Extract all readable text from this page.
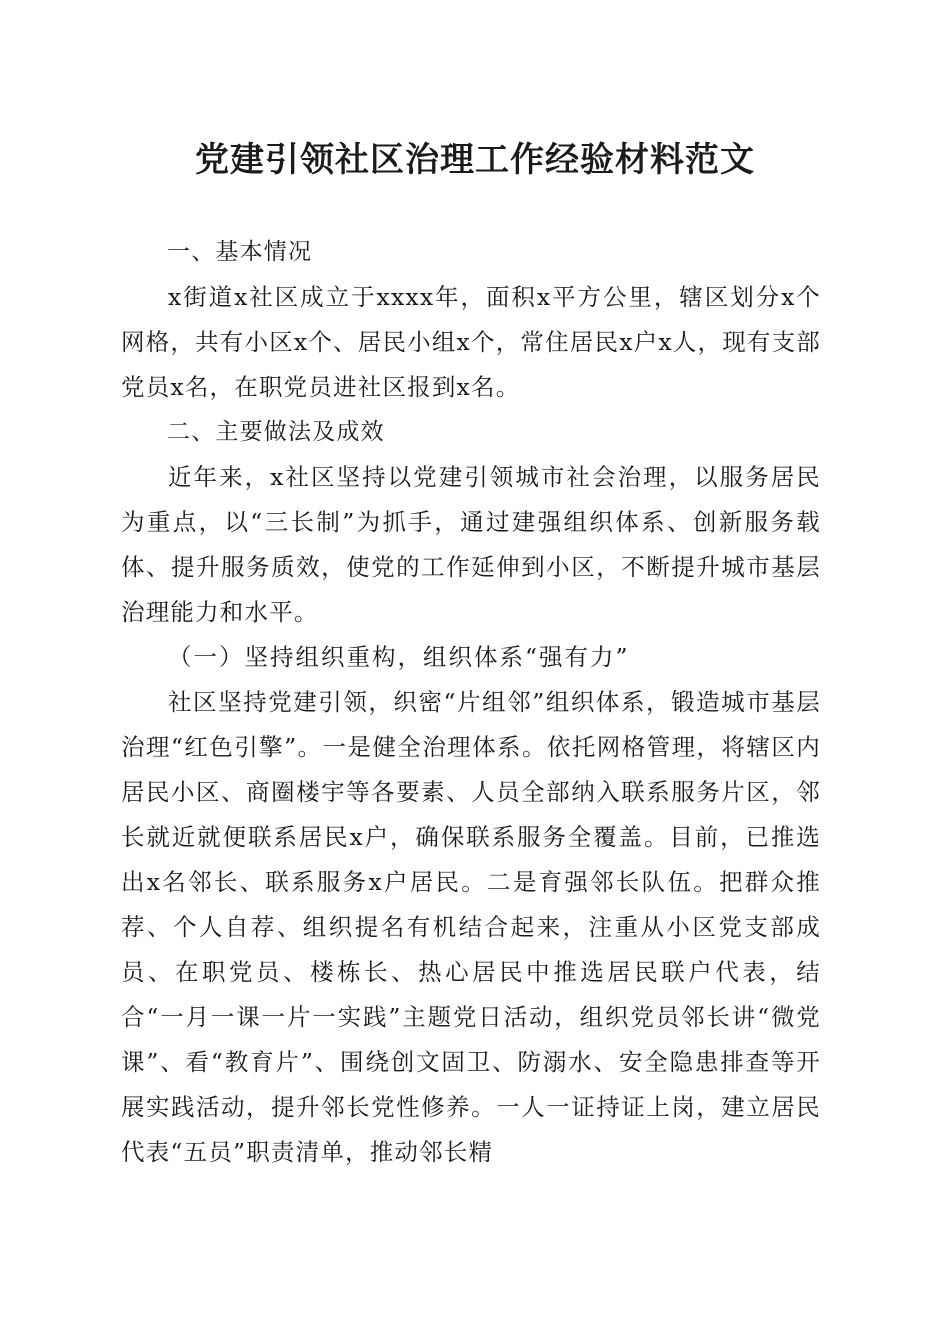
党建引领社区治理工作经验材料范文

一、基本情况

x街道x社区成立于xxxx年，面积x平方公里，辖区划分x个网格，共有小区x个、居民小组x个，常住居民x户x人，现有支部党员x名，在职党员进社区报到x名。

二、主要做法及成效

近年来，x社区坚持以党建引领城市社会治理，以服务居民为重点，以“三长制”为抓手，通过建强组织体系、创新服务载体、提升服务质效，使党的工作延伸到小区，不断提升城市基层治理能力和水平。

（一）坚持组织重构，组织体系“强有力”

社区坚持党建引领，织密“片组邻”组织体系，锻造城市基层治理“红色引擎”。一是健全治理体系。依托网格管理，将辖区内居民小区、商圈楼宇等各要素、人员全部纳入联系服务片区，邻长就近就便联系居民x户，确保联系服务全覆盖。目前，已推选出x名邻长、联系服务x户居民。二是育强邻长队伍。把群众推荐、个人自荐、组织提名有机结合起来，注重从小区党支部成员、在职党员、楼栋长、热心居民中推选居民联户代表，结合“一月一课一片一实践”主题党日活动，组织党员邻长讲“微党课”、看“教育片”、围绕创文固卫、防溺水、安全隐患排查等开展实践活动，提升邻长党性修养。一人一证持证上岗，建立居民代表“五员”职责清单，推动邻长精
